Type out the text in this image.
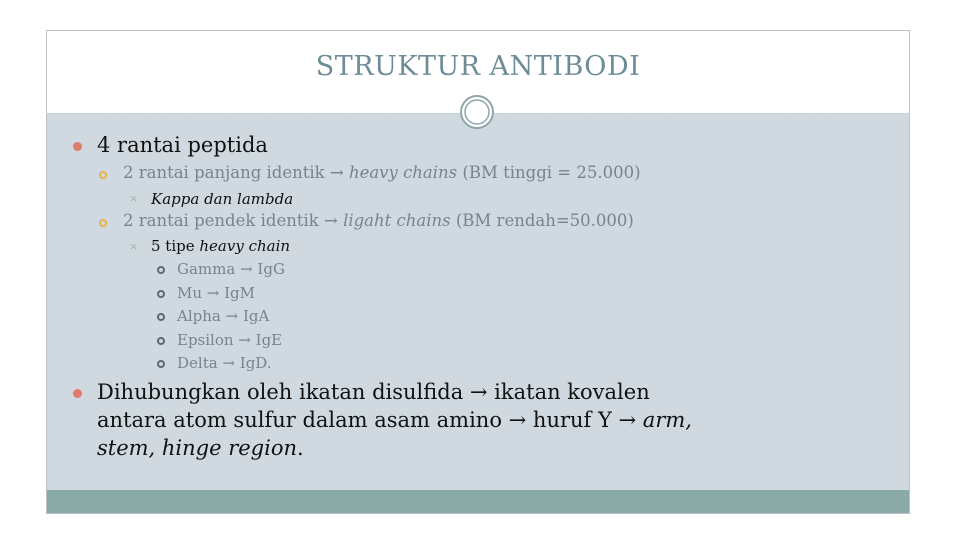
STRUKTUR ANTIBODI
4 rantai peptida
2 rantai panjang identik → heavy chains (BM tinggi = 25.000)
× Kappa dan lambda
2 rantai pendek identik → ligaht chains (BM rendah=50.000)
× 5 tipe heavy chain
Gamma → IgG
Mu → IgM
Alpha → IgA
Epsilon → IgE
Delta → IgD.
Dihubungkan oleh ikatan disulfida → ikatan kovalen
antara atom sulfur dalam asam amino → huruf Y → arm,
stem, hinge region.
